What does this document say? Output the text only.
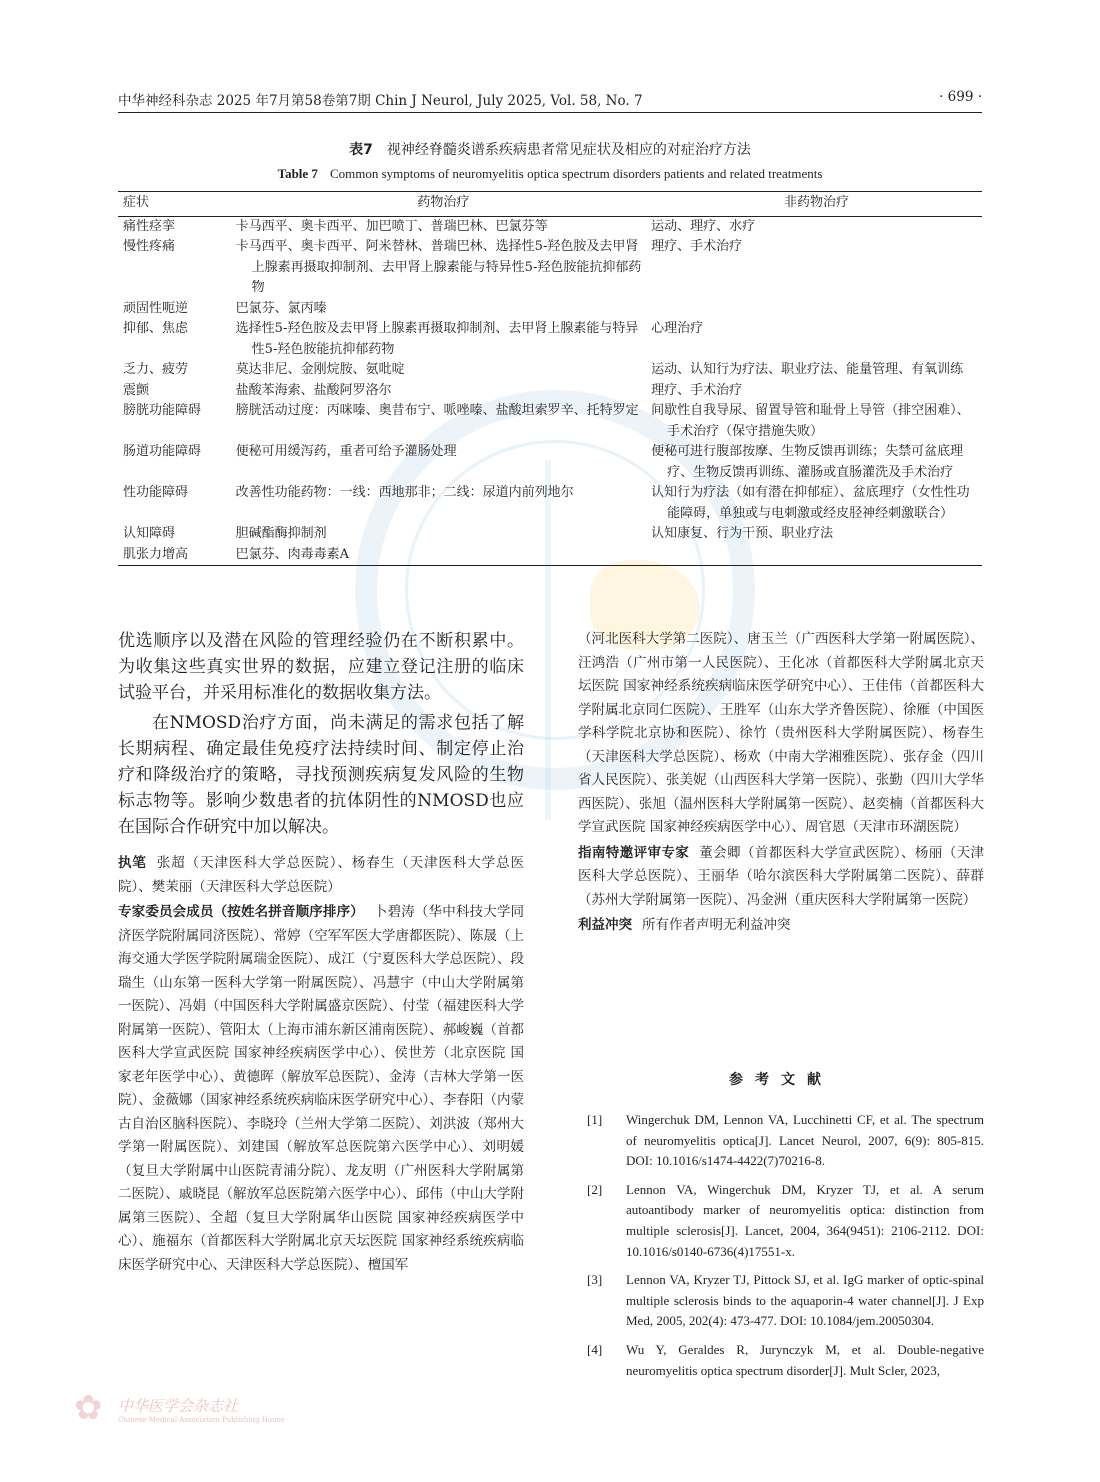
中华神经科杂志 2025 年7月第58卷第7期 Chin J Neurol, July 2025, Vol. 58, No. 7	· 699 ·
表7 视神经脊髓炎谱系疾病患者常见症状及相应的对症治疗方法
Table 7 Common symptoms of neuromyelitis optica spectrum disorders patients and related treatments
症状	药物治疗	非药物治疗
痛性痉挛	卡马西平、奥卡西平、加巴喷丁、普瑞巴林、巴氯芬等	运动、理疗、水疗
慢性疼痛	卡马西平、奥卡西平、阿米替林、普瑞巴林、选择性5-羟色胺及去甲肾上腺素再摄取抑制剂、去甲肾上腺素能与特异性5-羟色胺能抗抑郁药物	理疗、手术治疗
顽固性呃逆	巴氯芬、氯丙嗪	
抑郁、焦虑	选择性5-羟色胺及去甲肾上腺素再摄取抑制剂、去甲肾上腺素能与特异性5-羟色胺能抗抑郁药物	心理治疗
乏力、疲劳	莫达非尼、金刚烷胺、氨吡啶	运动、认知行为疗法、职业疗法、能量管理、有氧训练
震颤	盐酸苯海索、盐酸阿罗洛尔	理疗、手术治疗
膀胱功能障碍	膀胱活动过度：丙咪嗪、奥昔布宁、哌唑嗪、盐酸坦索罗辛、托特罗定	间歇性自我导尿、留置导管和耻骨上导管（排空困难）、手术治疗（保守措施失败）
肠道功能障碍	便秘可用缓泻药，重者可给予灌肠处理	便秘可进行腹部按摩、生物反馈再训练；失禁可盆底理疗、生物反馈再训练、灌肠或直肠灌洗及手术治疗
性功能障碍	改善性功能药物：一线：西地那非；二线：尿道内前列地尔	认知行为疗法（如有潜在抑郁症）、盆底理疗（女性性功能障碍，单独或与电刺激或经皮胫神经刺激联合）
认知障碍	胆碱酯酶抑制剂	认知康复、行为干预、职业疗法
肌张力增高	巴氯芬、肉毒毒素A	
优选顺序以及潜在风险的管理经验仍在不断积累中。为收集这些真实世界的数据，应建立登记注册的临床试验平台，并采用标准化的数据收集方法。
在NMOSD治疗方面，尚未满足的需求包括了解长期病程、确定最佳免疫疗法持续时间、制定停止治疗和降级治疗的策略，寻找预测疾病复发风险的生物标志物等。影响少数患者的抗体阴性的NMOSD也应在国际合作研究中加以解决。
执笔 张超（天津医科大学总医院）、杨春生（天津医科大学总医院）、樊茉丽（天津医科大学总医院）
专家委员会成员（按姓名拼音顺序排序） 卜碧涛（华中科技大学同济医学院附属同济医院）、常婷（空军军医大学唐都医院）、陈晟（上海交通大学医学院附属瑞金医院）、成江（宁夏医科大学总医院）、段瑞生（山东第一医科大学第一附属医院）、冯慧宇（中山大学附属第一医院）、冯娟（中国医科大学附属盛京医院）、付莹（福建医科大学附属第一医院）、管阳太（上海市浦东新区浦南医院）、郝峻巍（首都医科大学宣武医院 国家神经疾病医学中心）、侯世芳（北京医院 国家老年医学中心）、黄德晖（解放军总医院）、金涛（吉林大学第一医院）、金薇娜（国家神经系统疾病临床医学研究中心）、李春阳（内蒙古自治区脑科医院）、李晓玲（兰州大学第二医院）、刘洪波（郑州大学第一附属医院）、刘建国（解放军总医院第六医学中心）、刘明媛（复旦大学附属中山医院青浦分院）、龙友明（广州医科大学附属第二医院）、戚晓昆（解放军总医院第六医学中心）、邱伟（中山大学附属第三医院）、全超（复旦大学附属华山医院 国家神经疾病医学中心）、施福东（首都医科大学附属北京天坛医院 国家神经系统疾病临床医学研究中心、天津医科大学总医院）、檀国军
（河北医科大学第二医院）、唐玉兰（广西医科大学第一附属医院）、汪鸿浩（广州市第一人民医院）、王化冰（首都医科大学附属北京天坛医院 国家神经系统疾病临床医学研究中心）、王佳伟（首都医科大学附属北京同仁医院）、王胜军（山东大学齐鲁医院）、徐雁（中国医学科学院北京协和医院）、徐竹（贵州医科大学附属医院）、杨春生（天津医科大学总医院）、杨欢（中南大学湘雅医院）、张存金（四川省人民医院）、张美妮（山西医科大学第一医院）、张勤（四川大学华西医院）、张旭（温州医科大学附属第一医院）、赵奕楠（首都医科大学宣武医院 国家神经疾病医学中心）、周官恩（天津市环湖医院）
指南特邀评审专家 董会卿（首都医科大学宣武医院）、杨丽（天津医科大学总医院）、王丽华（哈尔滨医科大学附属第二医院）、薛群（苏州大学附属第一医院）、冯金洲（重庆医科大学附属第一医院）
利益冲突 所有作者声明无利益冲突
参考文献
[1] Wingerchuk DM, Lennon VA, Lucchinetti CF, et al. The spectrum of neuromyelitis optica[J]. Lancet Neurol, 2007, 6(9): 805-815. DOI: 10.1016/s1474-4422(7)70216-8.
[2] Lennon VA, Wingerchuk DM, Kryzer TJ, et al. A serum autoantibody marker of neuromyelitis optica: distinction from multiple sclerosis[J]. Lancet, 2004, 364(9451): 2106-2112. DOI: 10.1016/s0140-6736(4)17551-x.
[3] Lennon VA, Kryzer TJ, Pittock SJ, et al. IgG marker of optic-spinal multiple sclerosis binds to the aquaporin-4 water channel[J]. J Exp Med, 2005, 202(4): 473-477. DOI: 10.1084/jem.20050304.
[4] Wu Y, Geraldes R, Jurynczyk M, et al. Double-negative neuromyelitis optica spectrum disorder[J]. Mult Scler, 2023,
✿ 中华医学会杂志社
Chinese Medical Association Publishing House
